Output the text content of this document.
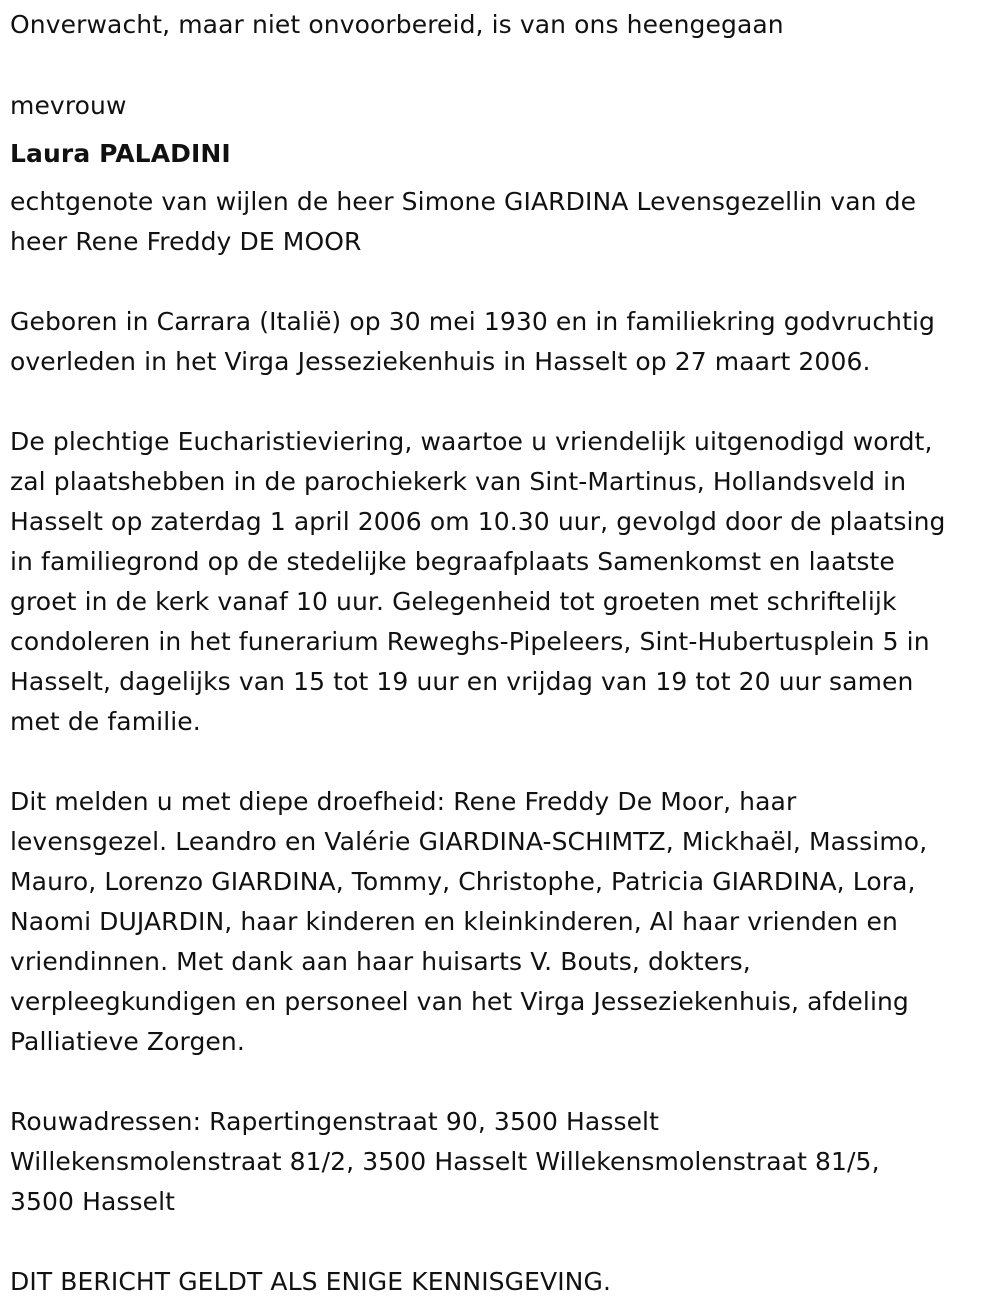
Onverwacht, maar niet onvoorbereid, is van ons heengegaan
mevrouw
Laura PALADINI
echtgenote van wijlen de heer Simone GIARDINA Levensgezellin van de
heer Rene Freddy DE MOOR
Geboren in Carrara (Italië) op 30 mei 1930 en in familiekring godvruchtig
overleden in het Virga Jesseziekenhuis in Hasselt op 27 maart 2006.
De plechtige Eucharistieviering, waartoe u vriendelijk uitgenodigd wordt,
zal plaatshebben in de parochiekerk van Sint-Martinus, Hollandsveld in
Hasselt op zaterdag 1 april 2006 om 10.30 uur, gevolgd door de plaatsing
in familiegrond op de stedelijke begraafplaats Samenkomst en laatste
groet in de kerk vanaf 10 uur. Gelegenheid tot groeten met schriftelijk
condoleren in het funerarium Reweghs-Pipeleers, Sint-Hubertusplein 5 in
Hasselt, dagelijks van 15 tot 19 uur en vrijdag van 19 tot 20 uur samen
met de familie.
Dit melden u met diepe droefheid: Rene Freddy De Moor, haar
levensgezel. Leandro en Valérie GIARDINA-SCHIMTZ, Mickhaël, Massimo,
Mauro, Lorenzo GIARDINA, Tommy, Christophe, Patricia GIARDINA, Lora,
Naomi DUJARDIN, haar kinderen en kleinkinderen, Al haar vrienden en
vriendinnen. Met dank aan haar huisarts V. Bouts, dokters,
verpleegkundigen en personeel van het Virga Jesseziekenhuis, afdeling
Palliatieve Zorgen.
Rouwadressen: Rapertingenstraat 90, 3500 Hasselt
Willekensmolenstraat 81/2, 3500 Hasselt Willekensmolenstraat 81/5,
3500 Hasselt
DIT BERICHT GELDT ALS ENIGE KENNISGEVING.
